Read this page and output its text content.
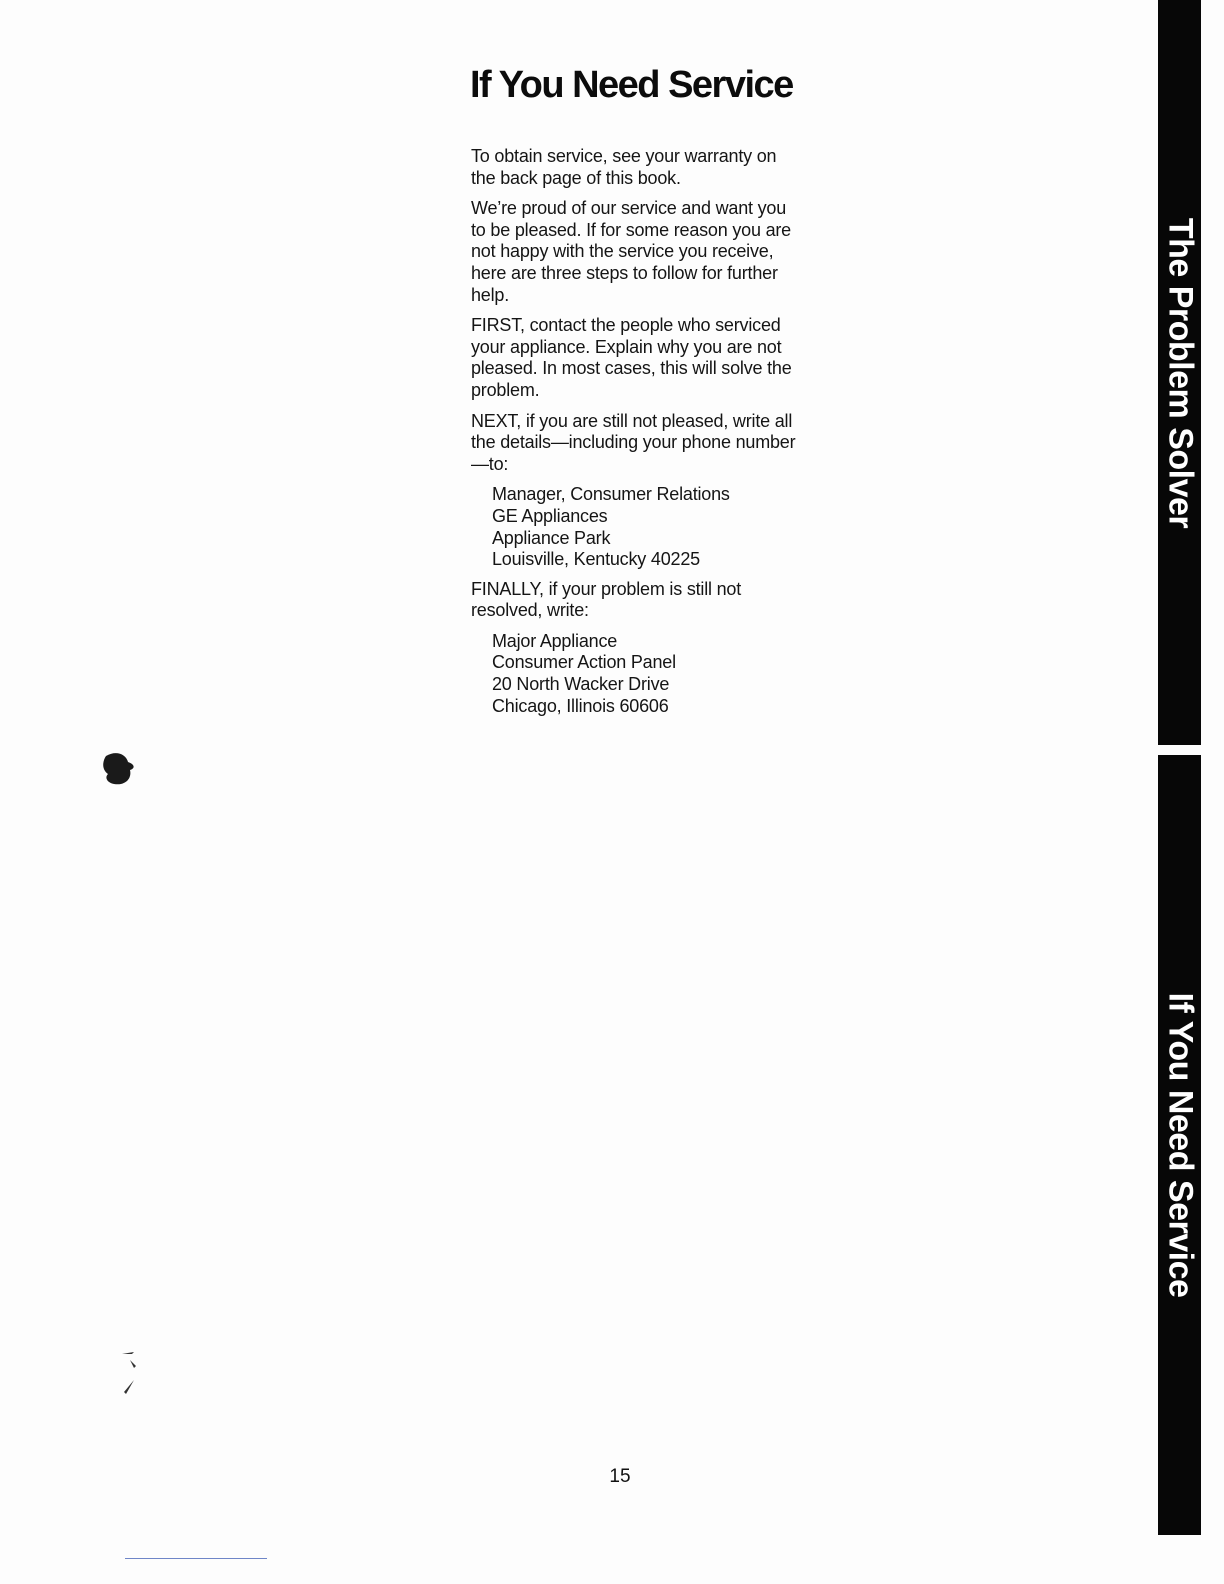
If You Need Service

To obtain service, see your warranty on the back page of this book.

We’re proud of our service and want you to be pleased. If for some reason you are not happy with the service you receive, here are three steps to follow for further help.

FIRST, contact the people who serviced your appliance. Explain why you are not pleased. In most cases, this will solve the problem.

NEXT, if you are still not pleased, write all the details—including your phone number—to:

Manager, Consumer Relations
GE Appliances
Appliance Park
Louisville, Kentucky 40225

FINALLY, if your problem is still not resolved, write:

Major Appliance
Consumer Action Panel
20 North Wacker Drive
Chicago, Illinois 60606
The Problem Solver
If You Need Service
15
